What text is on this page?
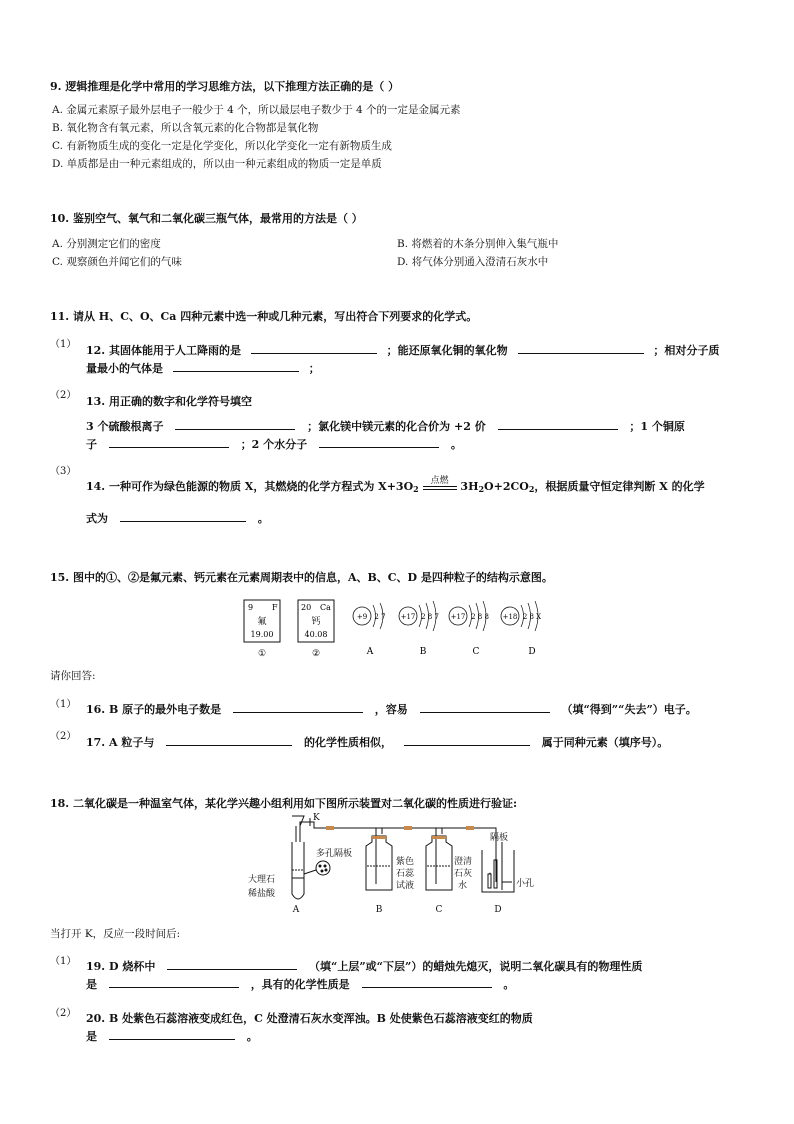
9. 逻辑推理是化学中常用的学习思维方法，以下推理方法正确的是（ ）
A. 金属元素原子最外层电子一般少于 4 个，所以最层电子数少于 4 个的一定是金属元素
B. 氧化物含有氧元素，所以含氧元素的化合物都是氧化物
C. 有新物质生成的变化一定是化学变化，所以化学变化一定有新物质生成
D. 单质都是由一种元素组成的，所以由一种元素组成的物质一定是单质
10. 鉴别空气、氧气和二氧化碳三瓶气体，最常用的方法是（ ）
A. 分别测定它们的密度	B. 将燃着的木条分别伸入集气瓶中
C. 观察颜色并闻它们的气味	D. 将气体分别通入澄清石灰水中
11. 请从 H、C、O、Ca 四种元素中选一种或几种元素，写出符合下列要求的化学式。
（1） 12. 其固体能用于人工降雨的是	；能还原氧化铜的氧化物	；相对分子质
量最小的气体是	；
（2） 13. 用正确的数字和化学符号填空
3 个硫酸根离子	；氯化镁中镁元素的化合价为 +2 价	；1 个铜原
子	；2 个水分子	。
（3）
14. 一种可作为绿色能源的物质 X，其燃烧的化学方程式为 $X+3O_2$
点燃	$3H_2O+2CO_2$，根据质量守恒定律判断 X 的化学
式为	。
15. 图中的①、②是氟元素、钙元素在元素周期表中的信息，A、B、C、D 是四种粒子的结构示意图。
9 F
氟
19.00
①
20 Ca
钙
40.08
②
+9 2 7
A
+17 2 8 7
B
+17 2 8 8
C
+18 2 8 X
D
请你回答:
（1） 16. B 原子的最外电子数是	，容易	（填“得到”“失去”）电子。
（2） 17. A 粒子与	的化学性质相似，	属于同种元素（填序号）。
18. 二氧化碳是一种温室气体，某化学兴趣小组利用如下图所示装置对二氧化碳的性质进行验证:
K
多孔隔板
大理石
稀盐酸
紫色
石蕊
试液
澄清
石灰
水
隔板
小孔
A	B	C	D
当打开 K，反应一段时间后:
（1） 19. D 烧杯中	（填“上层”或“下层”）的蜡烛先熄灭，说明二氧化碳具有的物理性质
是	，具有的化学性质是	。
（2） 20. B 处紫色石蕊溶液变成红色，C 处澄清石灰水变浑浊。B 处使紫色石蕊溶液变红的物质
是	。
